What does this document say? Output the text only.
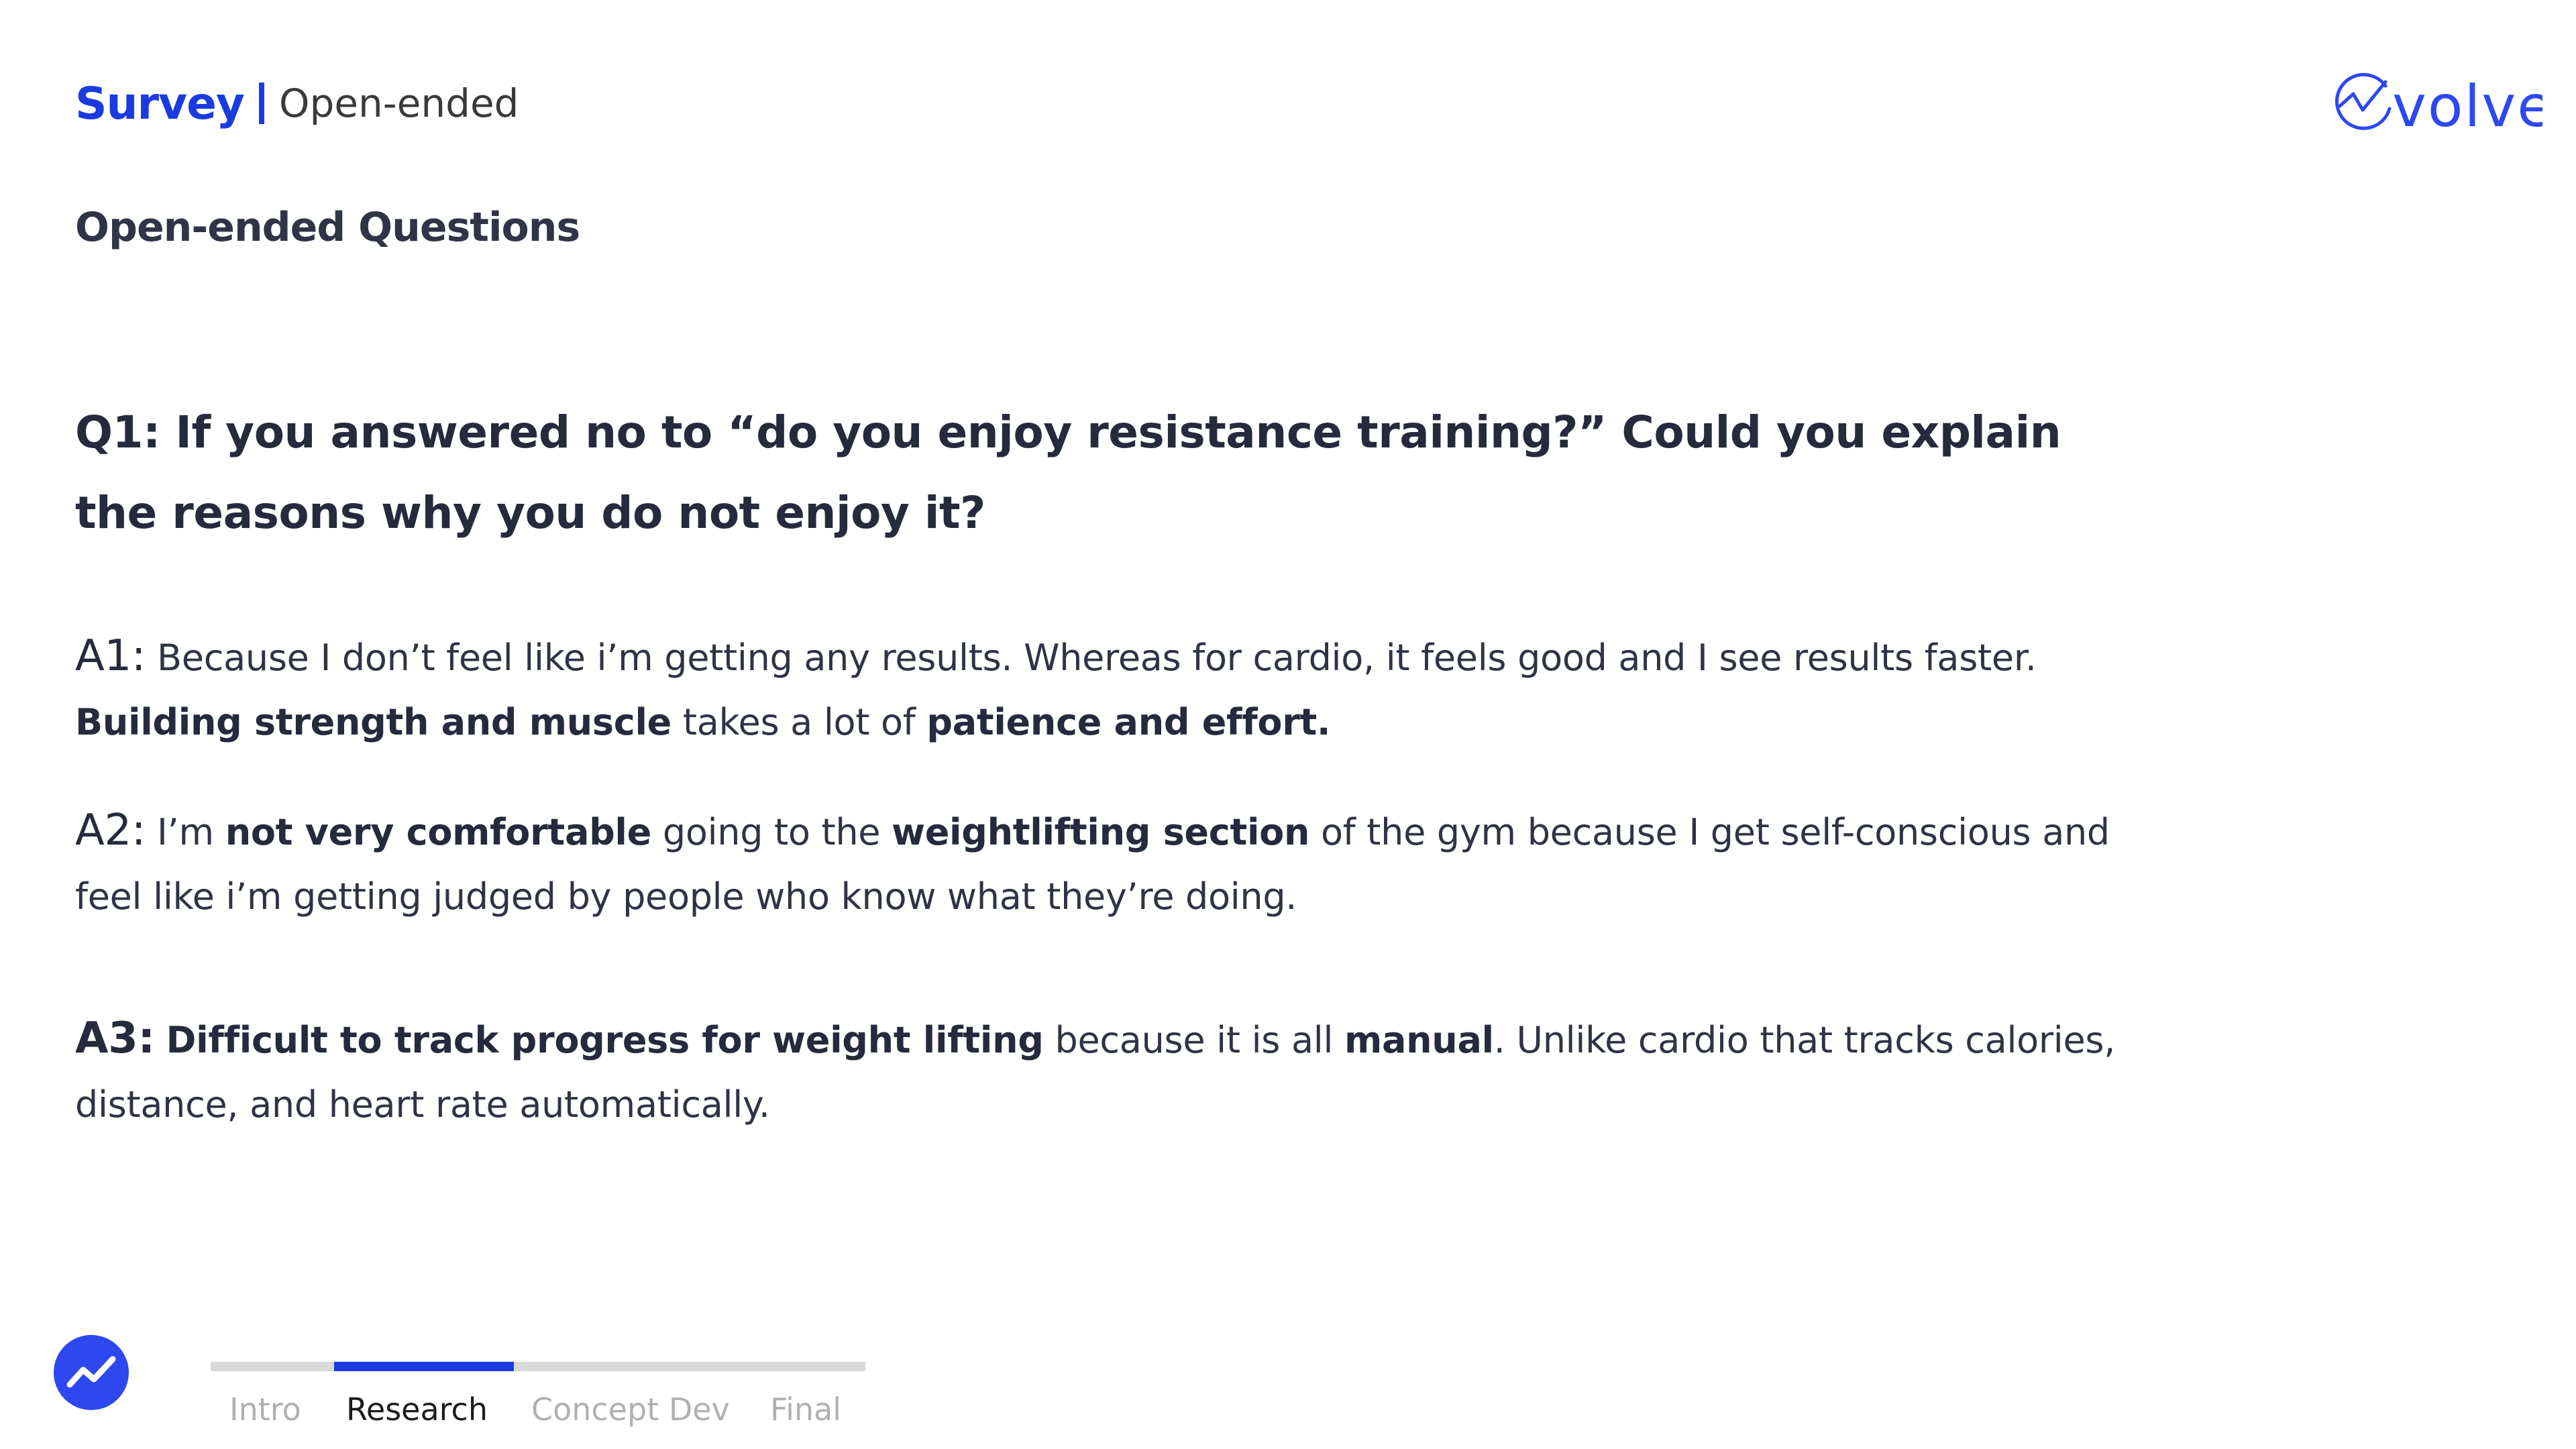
Survey Open-ended	volve
Open-ended Questions
Q1: If you answered no to “do you enjoy resistance training?” Could you explain the reasons why you do not enjoy it?
A1: Because I don’t feel like i’m getting any results. Whereas for cardio, it feels good and I see results faster. Building strength and muscle takes a lot of patience and effort.
A2: I’m not very comfortable going to the weightlifting section of the gym because I get self-conscious and feel like i’m getting judged by people who know what they’re doing.
A3: Difficult to track progress for weight lifting because it is all manual. Unlike cardio that tracks calories, distance, and heart rate automatically.
Intro Research Concept Dev Final
